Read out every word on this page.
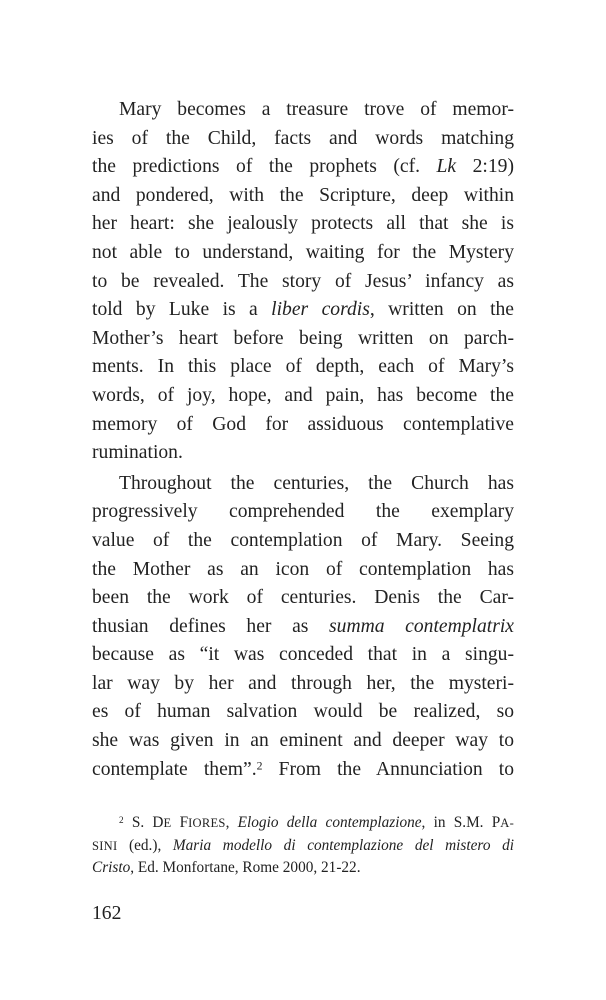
Mary becomes a treasure trove of memor-
ies of the Child, facts and words matching
the predictions of the prophets (cf. Lk 2:19)
and pondered, with the Scripture, deep within
her heart: she jealously protects all that she is
not able to understand, waiting for the Mystery
to be revealed. The story of Jesus’ infancy as
told by Luke is a liber cordis, written on the
Mother’s heart before being written on parch-
ments. In this place of depth, each of Mary’s
words, of joy, hope, and pain, has become the
memory of God for assiduous contemplative
rumination.
Throughout the centuries, the Church has
progressively comprehended the exemplary
value of the contemplation of Mary. Seeing
the Mother as an icon of contemplation has
been the work of centuries. Denis the Car-
thusian defines her as summa contemplatrix
because as “it was conceded that in a singu-
lar way by her and through her, the mysteri-
es of human salvation would be realized, so
she was given in an eminent and deeper way to
contemplate them”.$^2$ From the Annunciation to
$^2$ S. DE FIORES, Elogio della contemplazione, in S.M. PA-
SINI (ed.), Maria modello di contemplazione del mistero di
Cristo, Ed. Monfortane, Rome 2000, 21-22.
162
